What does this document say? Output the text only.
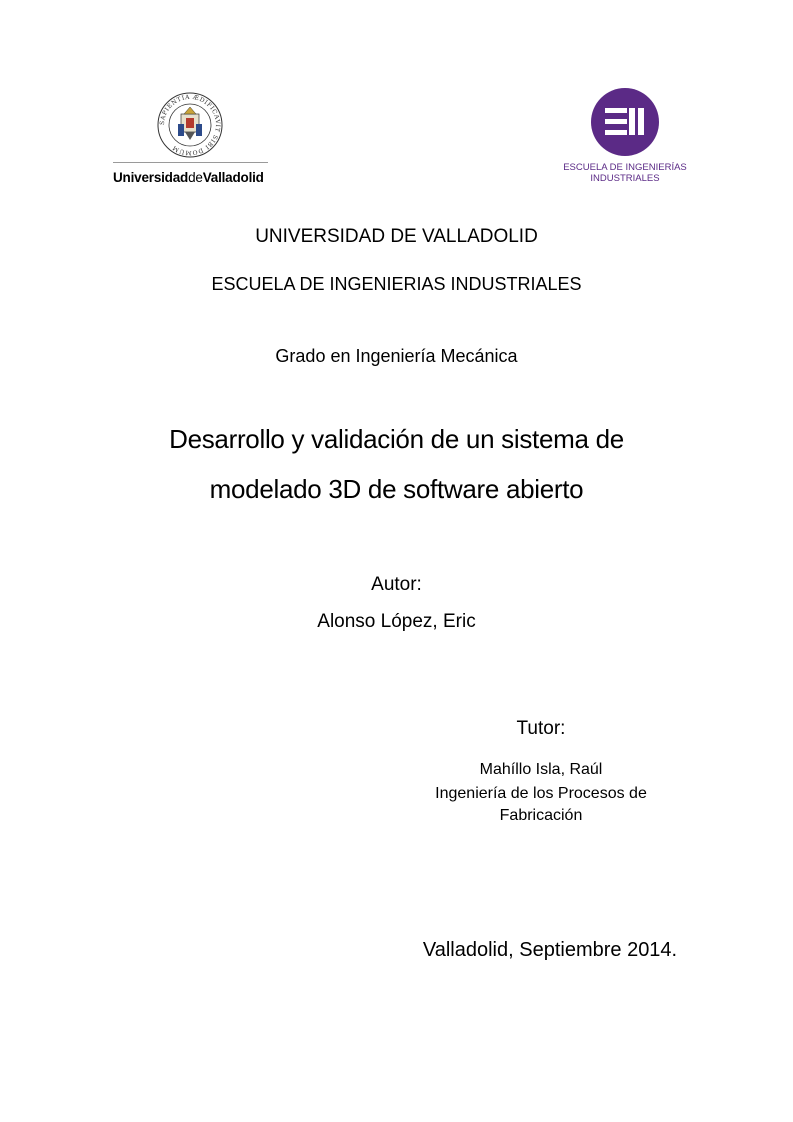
SAPIENTIA ÆDIFICAVIT SIBI DOMUM
UniversidaddeValladolid
ESCUELA DE INGENIERÍAS
INDUSTRIALES
UNIVERSIDAD DE VALLADOLID
ESCUELA DE INGENIERIAS INDUSTRIALES
Grado en Ingeniería Mecánica
Desarrollo y validación de un sistema de
modelado 3D de software abierto
Autor:
Alonso López, Eric
Tutor:
Mahíllo Isla, Raúl
Ingeniería de los Procesos de
Fabricación
Valladolid, Septiembre 2014.
